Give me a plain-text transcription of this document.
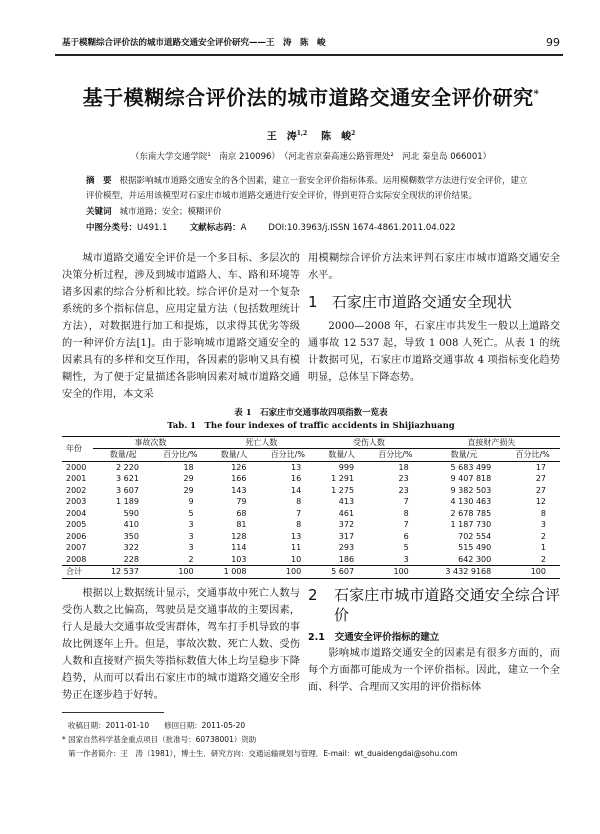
基于模糊综合评价法的城市道路交通安全评价研究——王　涛　陈　峻	99
基于模糊综合评价法的城市道路交通安全评价研究*
王　涛$^{1,2}$ 陈　峻$^2$
（东南大学交通学院¹　南京 210096）　（河北省京秦高速公路管理处²　河北 秦皇岛 066001）
摘　要 根据影响城市道路交通安全的各个因素，建立一套安全评价指标体系。运用模糊数学方法进行安全评价，建立评价模型，并运用该模型对石家庄市城市道路交通进行安全评价，得到更符合实际安全现状的评价结果。
关键词 城市道路；安全；模糊评价
中图分类号：U491.1	文献标志码：A	DOI:10.3963/j.ISSN 1674-4861.2011.04.022

城市道路交通安全评价是一个多目标、多层次的决策分析过程，涉及到城市道路人、车、路和环境等诸多因素的综合分析和比较。综合评价是对一个复杂系统的多个指标信息，应用定量方法（包括数理统计方法），对数据进行加工和提炼，以求得其优劣等级的一种评价方法[1]。由于影响城市道路交通安全的因素具有的多样和交互作用，各因素的影响又具有模糊性，为了便于定量描述各影响因素对城市道路交通安全的作用，本文采

用模糊综合评价方法来评判石家庄市城市道路交通安全水平。

1 石家庄市道路交通安全现状

2000—2008 年，石家庄市共发生一般以上道路交通事故 12 537 起，导致 1 008 人死亡。从表 1 的统计数据可见，石家庄市道路交通事故 4 项指标变化趋势明显，总体呈下降态势。

表 1　石家庄市交通事故四项指数一览表
Tab. 1　The four indexes of traffic accidents in Shijiazhuang
年份	事故次数		死亡人数		受伤人数		直接财产损失	
	数量/起	百分比/%	数量/人	百分比/%	数量/人	百分比/%	数量/元	百分比/%
2000	2 220	18	126	13	999	18	5 683 499	17
2001	3 621	29	166	16	1 291	23	9 407 818	27
2002	3 607	29	143	14	1 275	23	9 382 503	27
2003	1 189	9	79	8	413	7	4 130 463	12
2004	590	5	68	7	461	8	2 678 785	8
2005	410	3	81	8	372	7	1 187 730	3
2006	350	3	128	13	317	6	702 554	2
2007	322	3	114	11	293	5	515 490	1
2008	228	2	103	10	186	3	642 300	2
合计	12 537	100	1 008	100	5 607	100	3 432 9168	100

根据以上数据统计显示，交通事故中死亡人数与受伤人数之比偏高，驾驶员是交通事故的主要因素，行人是最大交通事故受害群体，驾车打手机导致的事故比例逐年上升。但是，事故次数、死亡人数、受伤人数和直接财产损失等指标数值大体上均呈稳步下降趋势，从而可以看出石家庄市的城市道路交通安全形势正在逐步趋于好转。

2	石家庄市城市道路交通安全综合评价
2.1 交通安全评价指标的建立

影响城市道路交通安全的因素是有很多方面的，而每个方面都可能成为一个评价指标。因此，建立一个全面、科学、合理而又实用的评价指标体

收稿日期：2011-01-10　　修回日期：2011-05-20
* 国家自然科学基金重点项目（批准号：60738001）资助
第一作者简介：王　涛（1981），博士生．研究方向：交通运输规划与管理．E-mail：wt_duaidengdai@sohu.com
